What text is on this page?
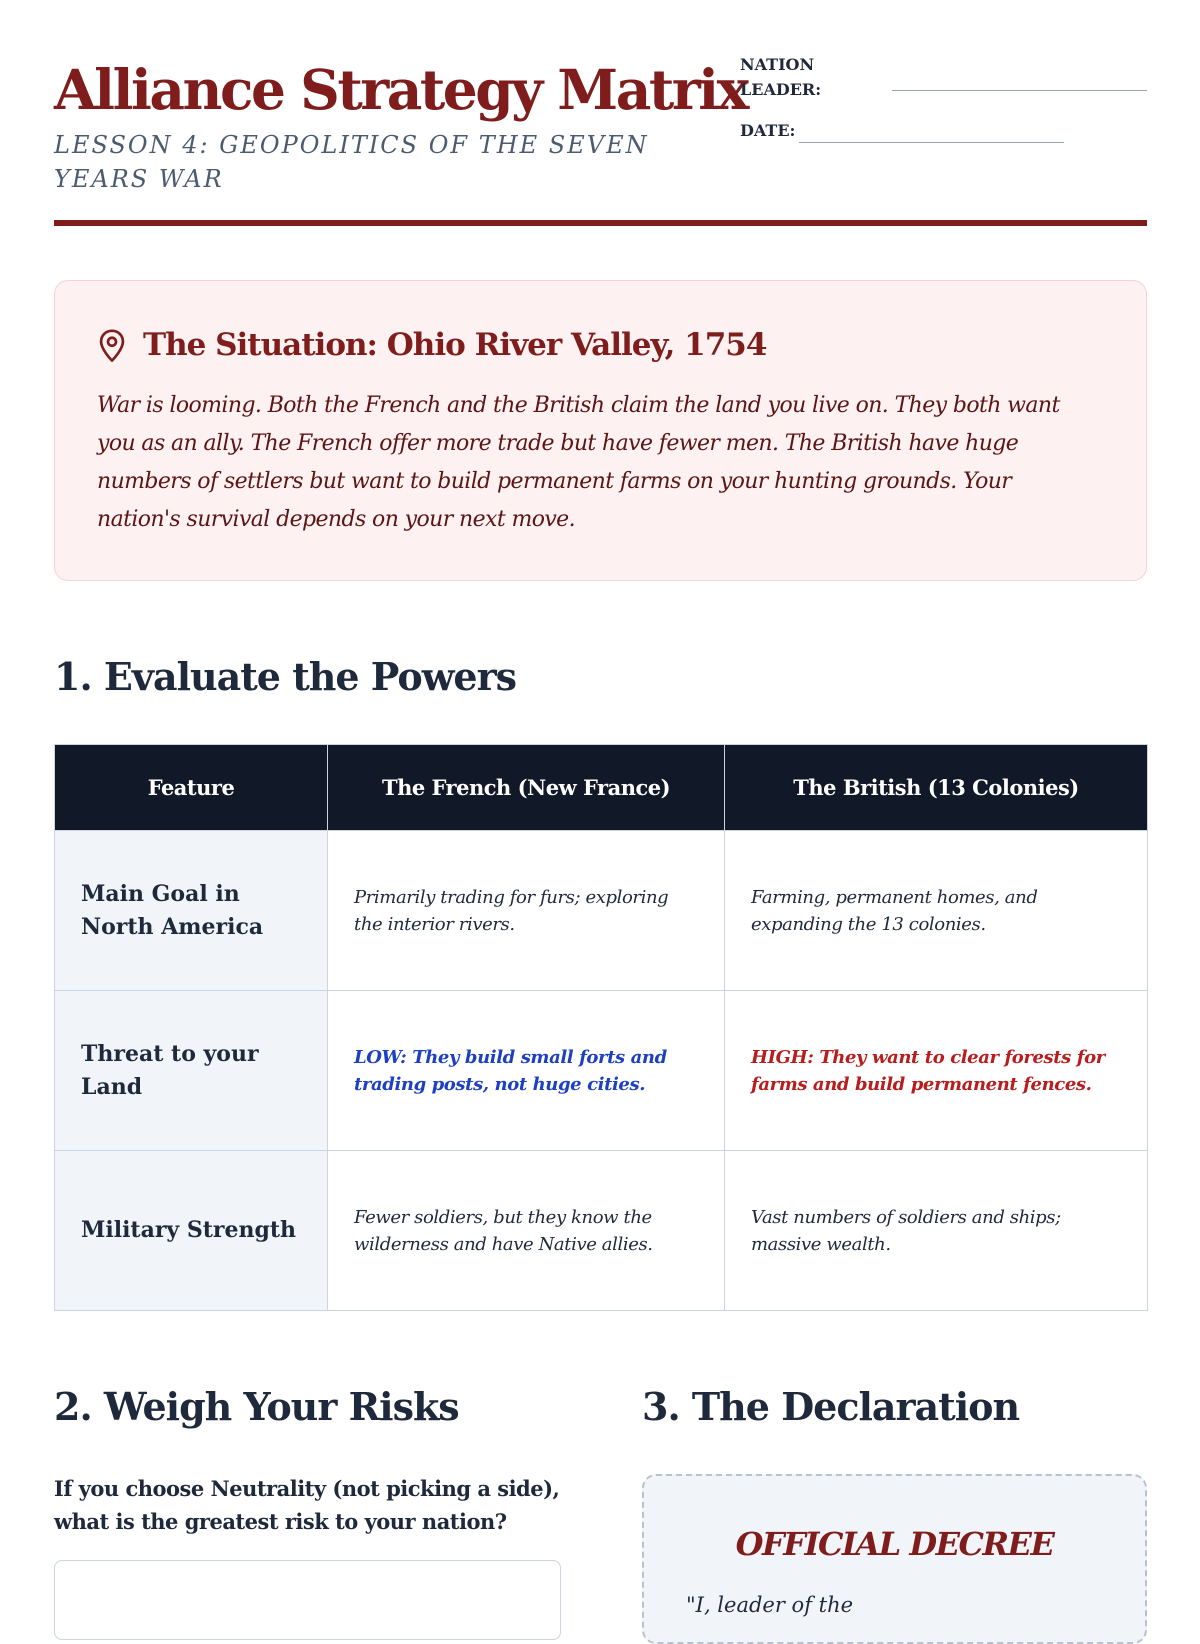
Alliance Strategy Matrix

LESSON 4: GEOPOLITICS OF THE SEVEN YEARS WAR

NATION LEADER:
DATE:
The Situation: Ohio River Valley, 1754

War is looming. Both the French and the British claim the land you live on. They both want you as an ally. The French offer more trade but have fewer men. The British have huge numbers of settlers but want to build permanent farms on your hunting grounds. Your nation's survival depends on your next move.

1. Evaluate the Powers
Feature	The French (New France)	The British (13 Colonies)
Main Goal in North America	Primarily trading for furs; exploring the interior rivers.	Farming, permanent homes, and expanding the 13 colonies.
Threat to your Land	LOW: They build small forts and trading posts, not huge cities.	HIGH: They want to clear forests for farms and build permanent fences.
Military Strength	Fewer soldiers, but they know the wilderness and have Native allies.	Vast numbers of soldiers and ships; massive wealth.
2. Weigh Your Risks

If you choose Neutrality (not picking a side), what is the greatest risk to your nation?

3. The Declaration

OFFICIAL DECREE

"I, leader of the
